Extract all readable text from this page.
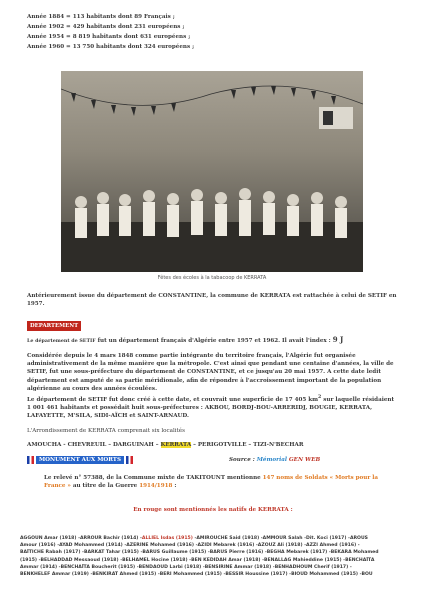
Année 1884 = 113 habitants dont 89 Français ;
Année 1902 = 429 habitants dont 231 européens ;
Année 1954 = 8 819 habitants dont 631 européens ;
Année 1960 = 13 750 habitants dont 324 européens ;
Fêtes des écoles à la tabacoop de KERRATA
Antérieurement issue du département de CONSTANTINE, la commune de KERRATA est rattachée à celui de SETIF en 1957.
DEPARTEMENT
Le département de SETIF fut un département français d'Algérie entre 1957 et 1962. Il avait l'index : 9 J
Considérée depuis le 4 mars 1848 comme partie intégrante du territoire français, l'Algérie fut organisée administrativement de la même manière que la métropole. C'est ainsi que pendant une centaine d'années, la ville de SETIF, fut une sous-préfecture du département de CONSTANTINE, et ce jusqu'au 20 mai 1957. A cette date ledit département est amputé de sa partie méridionale, afin de répondre à l'accroissement important de la population algérienne au cours des années écoulées.
Le département de SETIF fut donc créé à cette date, et couvrait une superficie de 17 405 $km^2$ sur laquelle résidaient 1 001 461 habitants et possédait huit sous-préfectures : AKBOU, BORDJ-BOU-ARRERIDJ, BOUGIE, KERRATA, LAFAYETTE, M'SILA, SIDI-AÏCH et SAINT-ARNAUD.
L'Arrondissement de KERRATA comprenait six localités
AMOUCHA - CHEVREUIL – DARGUINAH – KERRATA – PERIGOTVILLE – TIZI-N'BECHAR
MONUMENT AUX MORTS	Source : Mémorial GEN WEB
Le relevé n° 57388, de la Commune mixte de TAKITOUNT mentionne 147 noms de Soldats « Morts pour la France » au titre de la Guerre 1914/1918 :
En rouge sont mentionnés les natifs de KERRATA :
AGGOUN Amar (1918) -ARROUR Bachir (1914) -ALLIEL Isdas (1915) -AMIROUCHE Said (1918) -AMMOUR Salah -Dit. Koci (1917) -AROUS
Amour (1916) -AYAD Mohammed (1914) -AZERINE Mohamed (1916) -AZIDI Mebarek (1916) -AZOUZ Ali (1918) -AZZI Ahmed (1916) -
BAÏTICHE Rabah (1917) -BARKAT Tahar (1915) -BARUS Guillaume (1915) -BARUS Pierre (1916) -BEGHA Mebarek (1917) -BEKARA Mohamed
(1915) -BELHADDAD Messaoud (1918) -BELHAMEL Hocine (1918) -BEN KEDIDAH Amar (1918) -BENALLAG Mahieddine (1915) -BENCHAÏTA
Ammar (1914) -BENCHAÏTA Boucherit (1915) -BENDAOUD Larbi (1918) -BENSIRINE Ammar (1918) -BENHADHOUM Cherif (1917) -
BENKHELEF Ammar (1919) -BENKIRAT Ahmed (1915) -BERI Mohammed (1915) -BESSIR Houssine (1917) -BIOUD Mohammed (1915) -BOU
